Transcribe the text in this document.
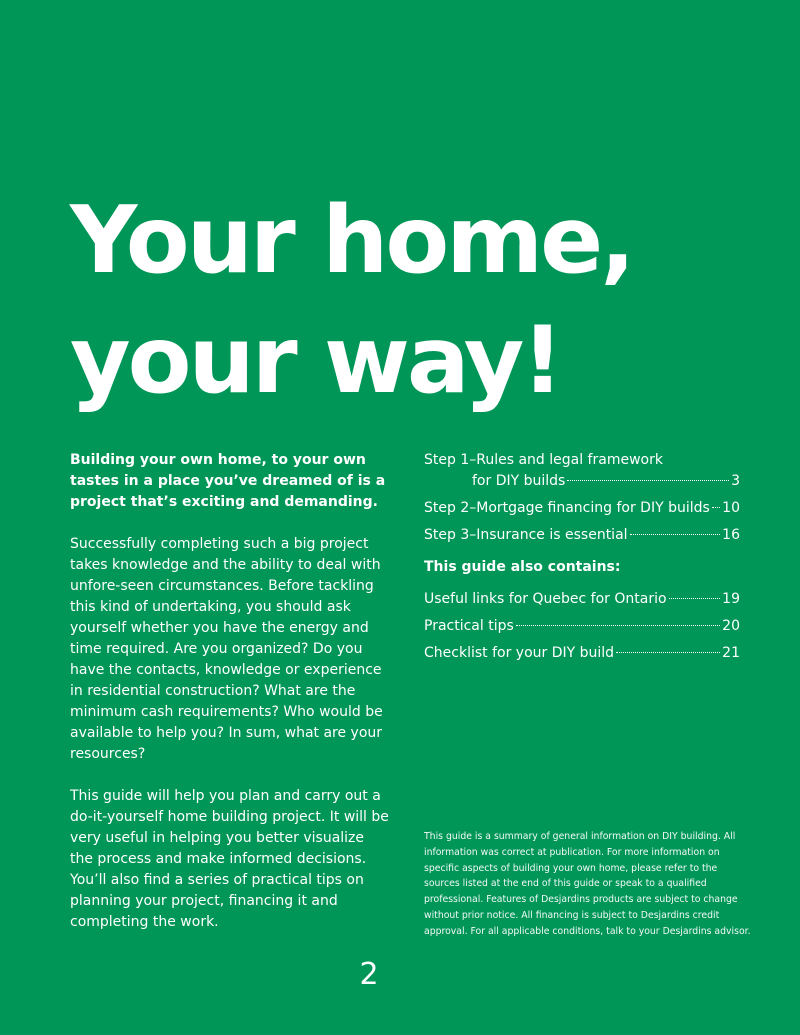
Your home,
your way!

Building your own home, to your own tastes in a place you’ve dreamed of is a project that’s exciting and demanding.

Successfully completing such a big project takes knowledge and the ability to deal with unfore-seen circumstances. Before tackling this kind of undertaking, you should ask yourself whether you have the energy and time required. Are you organized? Do you have the contacts, knowledge or experience in residential construction? What are the minimum cash requirements? Who would be available to help you? In sum, what are your resources?

This guide will help you plan and carry out a do-it-yourself home building project. It will be very useful in helping you better visualize the process and make informed decisions. You’ll also find a series of practical tips on planning your project, financing it and completing the work.

Step 1–Rules and legal framework
for DIY builds	3
Step 2–Mortgage financing for DIY builds 10
Step 3–Insurance is essential	16
This guide also contains:
Useful links for Quebec for Ontario	19
Practical tips	20
Checklist for your DIY build	21

This guide is a summary of general information on DIY building. All information was correct at publication. For more information on specific aspects of building your own home, please refer to the sources listed at the end of this guide or speak to a qualified professional. Features of Desjardins products are subject to change without prior notice. All financing is subject to Desjardins credit approval. For all applicable conditions, talk to your Desjardins advisor.

2
